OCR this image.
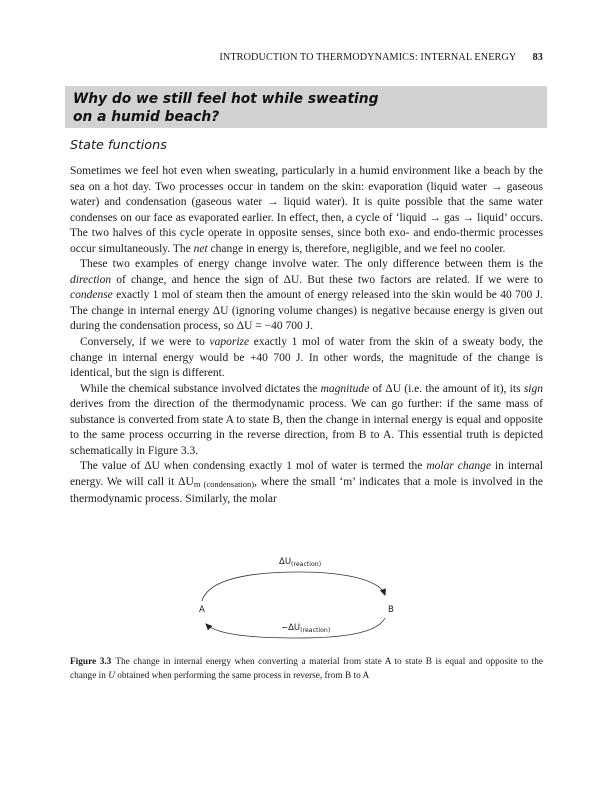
INTRODUCTION TO THERMODYNAMICS: INTERNAL ENERGY 83
Why do we still feel hot while sweating
on a humid beach?
State functions

Sometimes we feel hot even when sweating, particularly in a humid environment like a beach by the sea on a hot day. Two processes occur in tandem on the skin: evaporation (liquid water → gaseous water) and condensation (gaseous water → liquid water). It is quite possible that the same water condenses on our face as evaporated earlier. In effect, then, a cycle of ‘liquid → gas → liquid’ occurs. The two halves of this cycle operate in opposite senses, since both exo- and endo-thermic processes occur simultaneously. The net change in energy is, therefore, negligible, and we feel no cooler.

These two examples of energy change involve water. The only difference between them is the direction of change, and hence the sign of ΔU. But these two factors are related. If we were to condense exactly 1 mol of steam then the amount of energy released into the skin would be 40 700 J. The change in internal energy ΔU (ignoring volume changes) is negative because energy is given out during the condensation process, so ΔU = −40 700 J.

Conversely, if we were to vaporize exactly 1 mol of water from the skin of a sweaty body, the change in internal energy would be +40 700 J. In other words, the magnitude of the change is identical, but the sign is different.

While the chemical substance involved dictates the magnitude of ΔU (i.e. the amount of it), its sign derives from the direction of the thermodynamic process. We can go further: if the same mass of substance is converted from state A to state B, then the change in internal energy is equal and opposite to the same process occurring in the reverse direction, from B to A. This essential truth is depicted schematically in Figure 3.3.

The value of ΔU when condensing exactly 1 mol of water is termed the molar change in internal energy. We will call it $\Delta U_{m (condensation)}$, where the small ‘m’ indicates that a mole is involved in the thermodynamic process. Similarly, the molar

$\Delta U_{(reaction)}$
$-\Delta U_{(reaction)}$
A	B
Figure 3.3 The change in internal energy when converting a material from state A to state B is equal and opposite to the change in U obtained when performing the same process in reverse, from B to A
